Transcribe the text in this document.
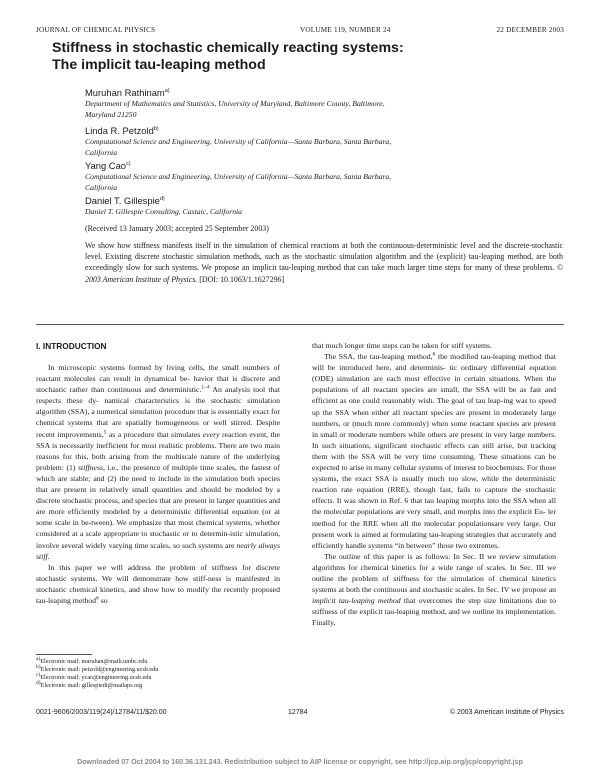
JOURNAL OF CHEMICAL PHYSICS	VOLUME 119, NUMBER 24	22 DECEMBER 2003
Stiffness in stochastic chemically reacting systems:
The implicit tau-leaping method
Muruhan Rathinam$^{a)}$
Department of Mathematics and Statistics, University of Maryland, Baltimore County, Baltimore,
Maryland 21250
Linda R. Petzold$^{b)}$
Computational Science and Engineering, University of California—Santa Barbara, Santa Barbara,
California
Yang Cao$^{c)}$
Computational Science and Engineering, University of California—Santa Barbara, Santa Barbara,
California
Daniel T. Gillespie$^{d)}$
Daniel T. Gillespie Consulting, Castaic, California
(Received 13 January 2003; accepted 25 September 2003)
We show how stiffness manifests itself in the simulation of chemical reactions at both the continuous-deterministic level and the discrete-stochastic level. Existing discrete stochastic simulation methods, such as the stochastic simulation algorithm and the (explicit) tau-leaping method, are both exceedingly slow for such systems. We propose an implicit tau-leaping method that can take much larger time steps for many of these problems. © 2003 American Institute of Physics. [DOI: 10.1063/1.1627296]
I. INTRODUCTION

In microscopic systems formed by living cells, the small numbers of reactant molecules can result in dynamical be- havior that is discrete and stochastic rather than continuous and deterministic.$^{1-4}$ An analysis tool that respects these dy- namical characteristics is the stochastic simulation algorithm (SSA), a numerical simulation procedure that is essentially exact for chemical systems that are spatially homogeneous or well stirred. Despite recent improvements,$^5$ as a procedure that simulates every reaction event, the SSA is necessarily inefficient for most realistic problems. There are two main reasons for this, both arising from the multiscale nature of the underlying problem: (1) stiffness, i.e., the presence of multiple time scales, the fastest of which are stable; and (2) the need to include in the simulation both species that are present in relatively small quantities and should be modeled by a discrete stochastic process, and species that are present in larger quantities and are more efficiently modeled by a deterministic differential equation (or at some scale in be-tween). We emphasize that most chemical systems, whether considered at a scale appropriate to stochastic or to determin-istic simulation, involve several widely varying time scales, so such systems are nearly always stiff.

In this paper we will address the problem of stiffness for discrete stochastic systems. We will demonstrate how stiff-ness is manifested in stochastic chemical kinetics, and show how to modify the recently proposed tau-leaping method$^6$ so

$^{a)}$Electronic mail: muruhan@math.umbc.edu
$^{b)}$Electronic mail: petzold@engineering.ucsb.edu
$^{c)}$Electronic mail: ycao@engineering.ucsb.edu
$^{d)}$Electronic mail: gillespiedt@mailaps.org

that much longer time steps can be taken for stiff systems.

The SSA, the tau-leaping method,$^6$ the modified tau-leaping method that will be introduced here, and determinis- tic ordinary differential equation (ODE) simulation are each most effective in certain situations. When the populations of all reactant species are small, the SSA will be as fast and efficient as one could reasonably wish. The goal of tau leap-ing was to speed up the SSA when either all reactant species are present in moderately large numbers, or (much more commonly) when some reactant species are present in small or moderate numbers while others are present in very large numbers. In such situations, significant stochastic effects can still arise, but tracking them with the SSA will be very time consuming. These situations can be expected to arise in many cellular systems of interest to biochemists. For those systems, the exact SSA is usually much too slow, while the deterministic reaction rate equation (RRE), though fast, fails to capture the stochastic effects. It was shown in Ref. 6 that tau leaping morphs into the SSA when all the molecular populations are very small, and morphs into the explicit Eu- ler method for the RRE when all the molecular populationsare very large. Our present work is aimed at formulating tau-leaping strategies that accurately and efficiently handle systems “in between” those two extremes.

The outline of this paper is as follows: In Sec. II we review simulation algorithms for chemical kinetics for a wide range of scales. In Sec. III we outline the problem of stiffness for the simulation of chemical kinetics systems at both the continuous and stochastic scales. In Sec. IV we propose an implicit tau-leaping method that overcomes the step size limitations due to stiffness of the explicit tau-leaping method, and we outline its implementation. Finally,

0021-9606/2003/119(24)/12784/11/$20.00	12784	© 2003 American Institute of Physics
Downloaded 07 Oct 2004 to 160.36.131.243. Redistribution subject to AIP license or copyright, see http://jcp.aip.org/jcp/copyright.jsp
